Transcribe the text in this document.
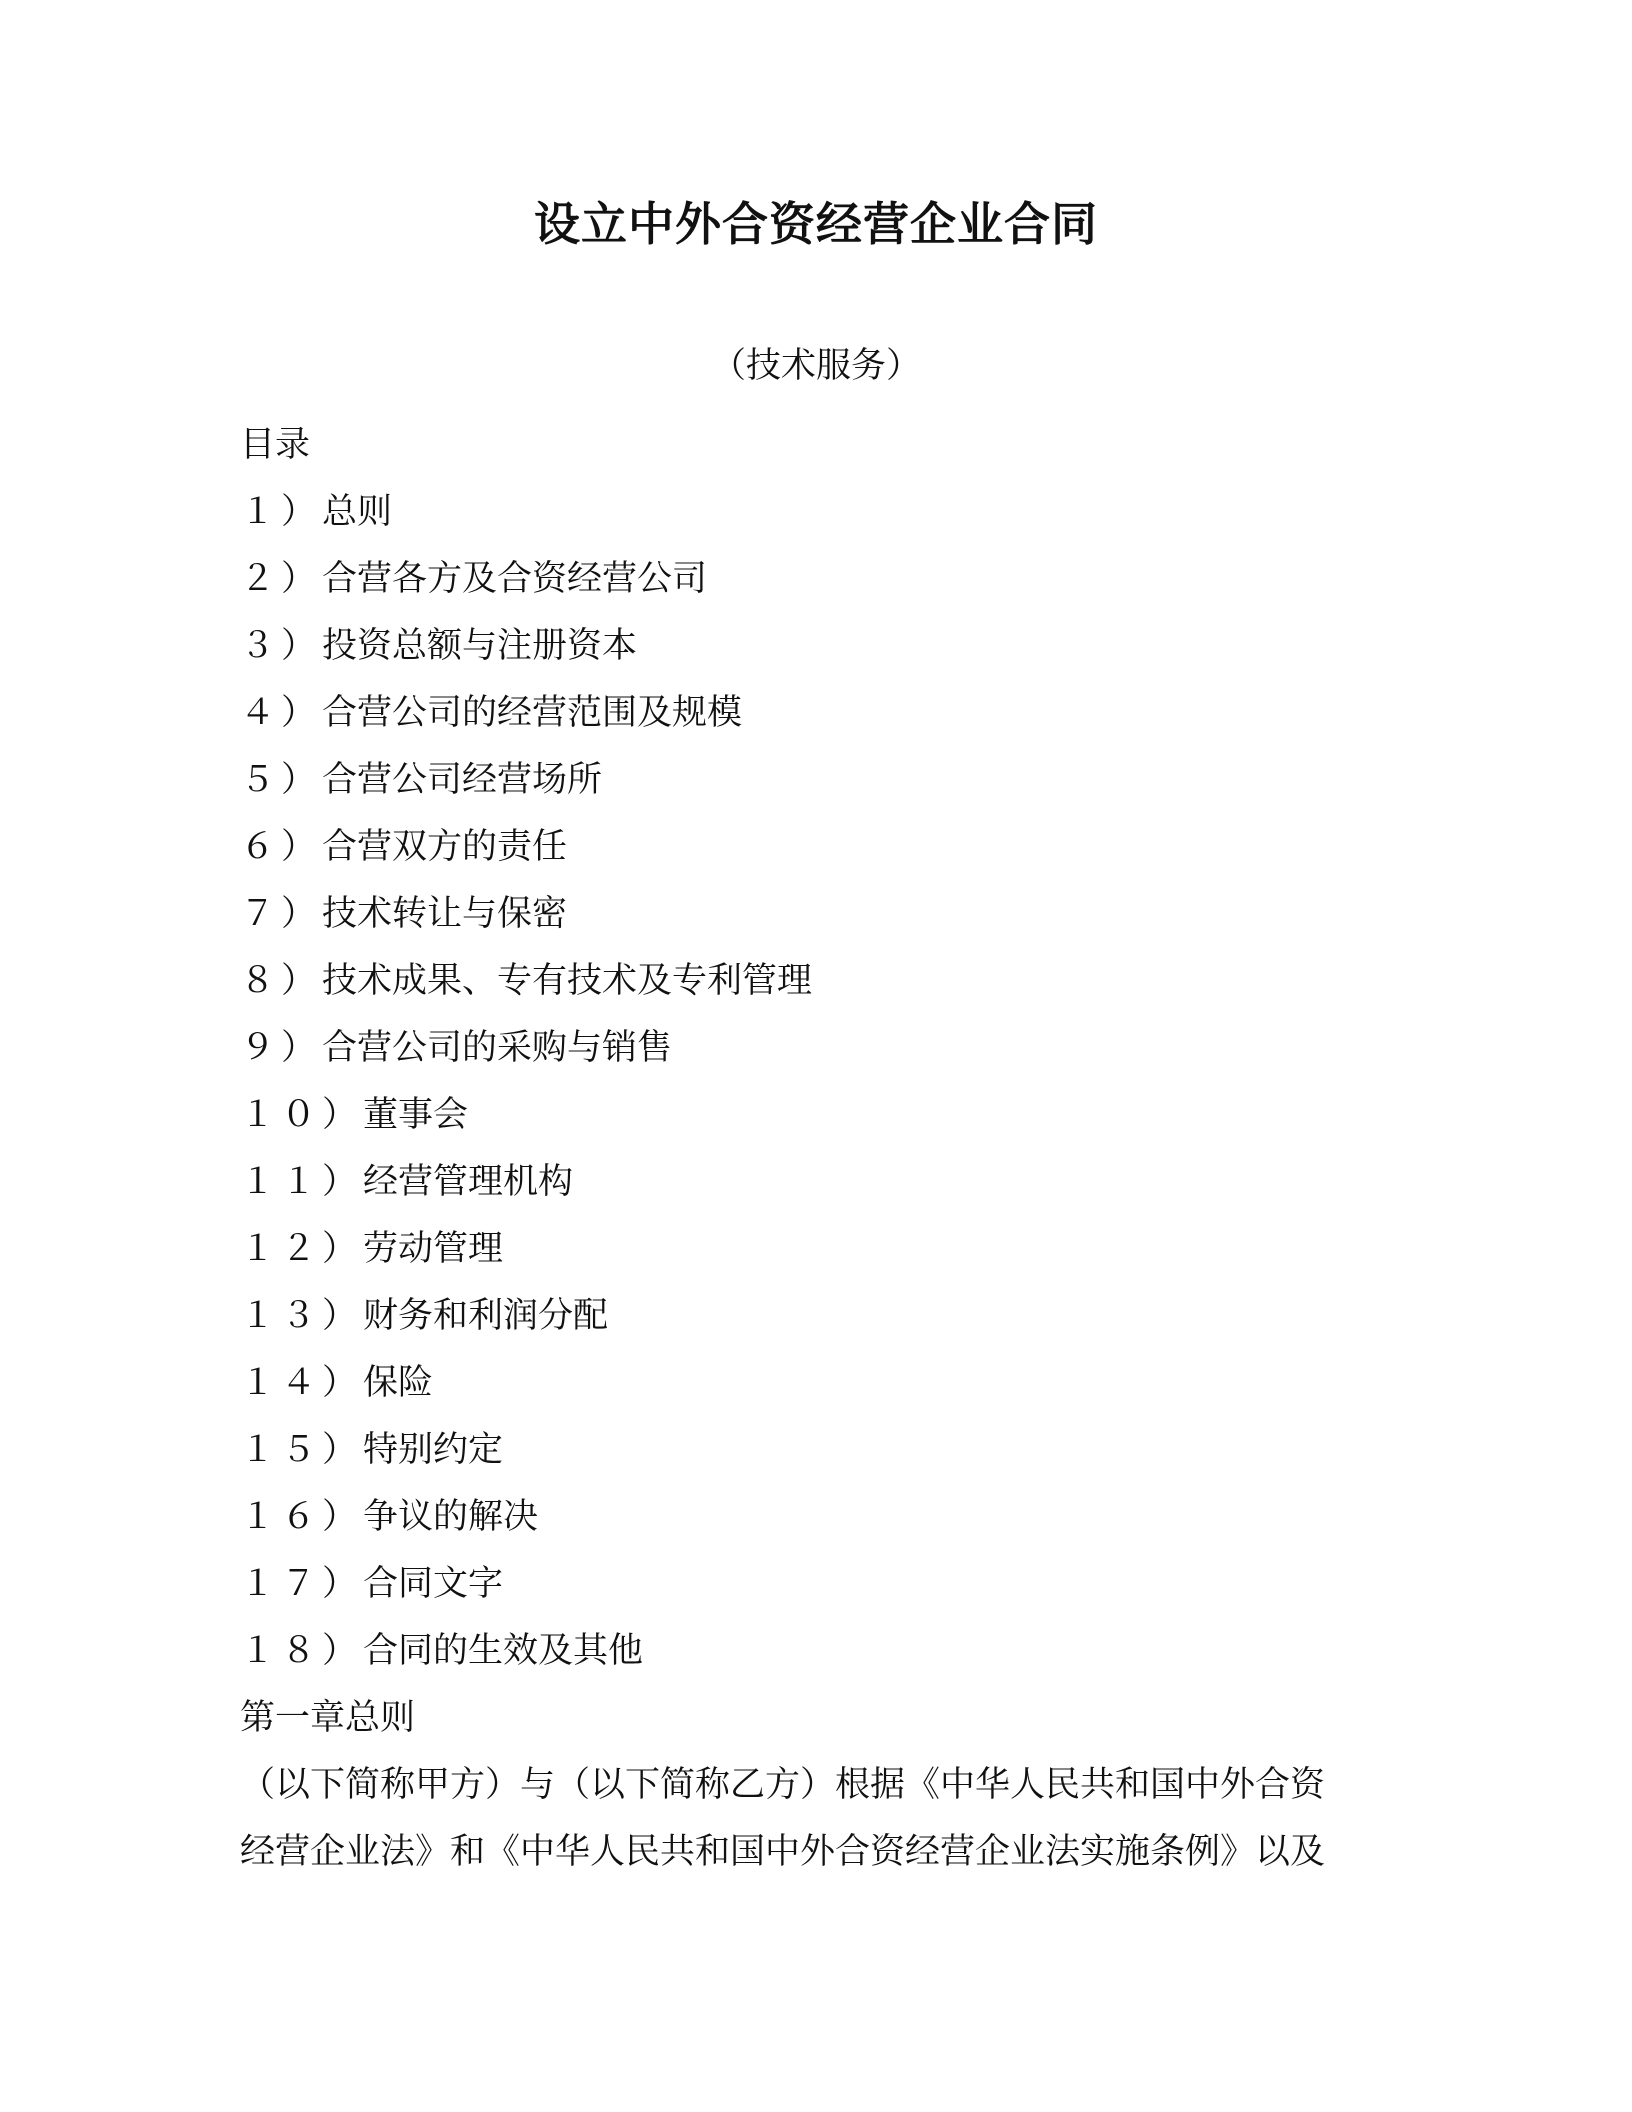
设立中外合资经营企业合同
（技术服务）
目录
１）总则
２）合营各方及合资经营公司
３）投资总额与注册资本
４）合营公司的经营范围及规模
５）合营公司经营场所
６）合营双方的责任
７）技术转让与保密
８）技术成果、专有技术及专利管理
９）合营公司的采购与销售
１０）董事会
１１）经营管理机构
１２）劳动管理
１３）财务和利润分配
１４）保险
１５）特别约定
１６）争议的解决
１７）合同文字
１８）合同的生效及其他
第一章总则
（以下简称甲方）与（以下简称乙方）根据《中华人民共和国中外合资
经营企业法》和《中华人民共和国中外合资经营企业法实施条例》以及
